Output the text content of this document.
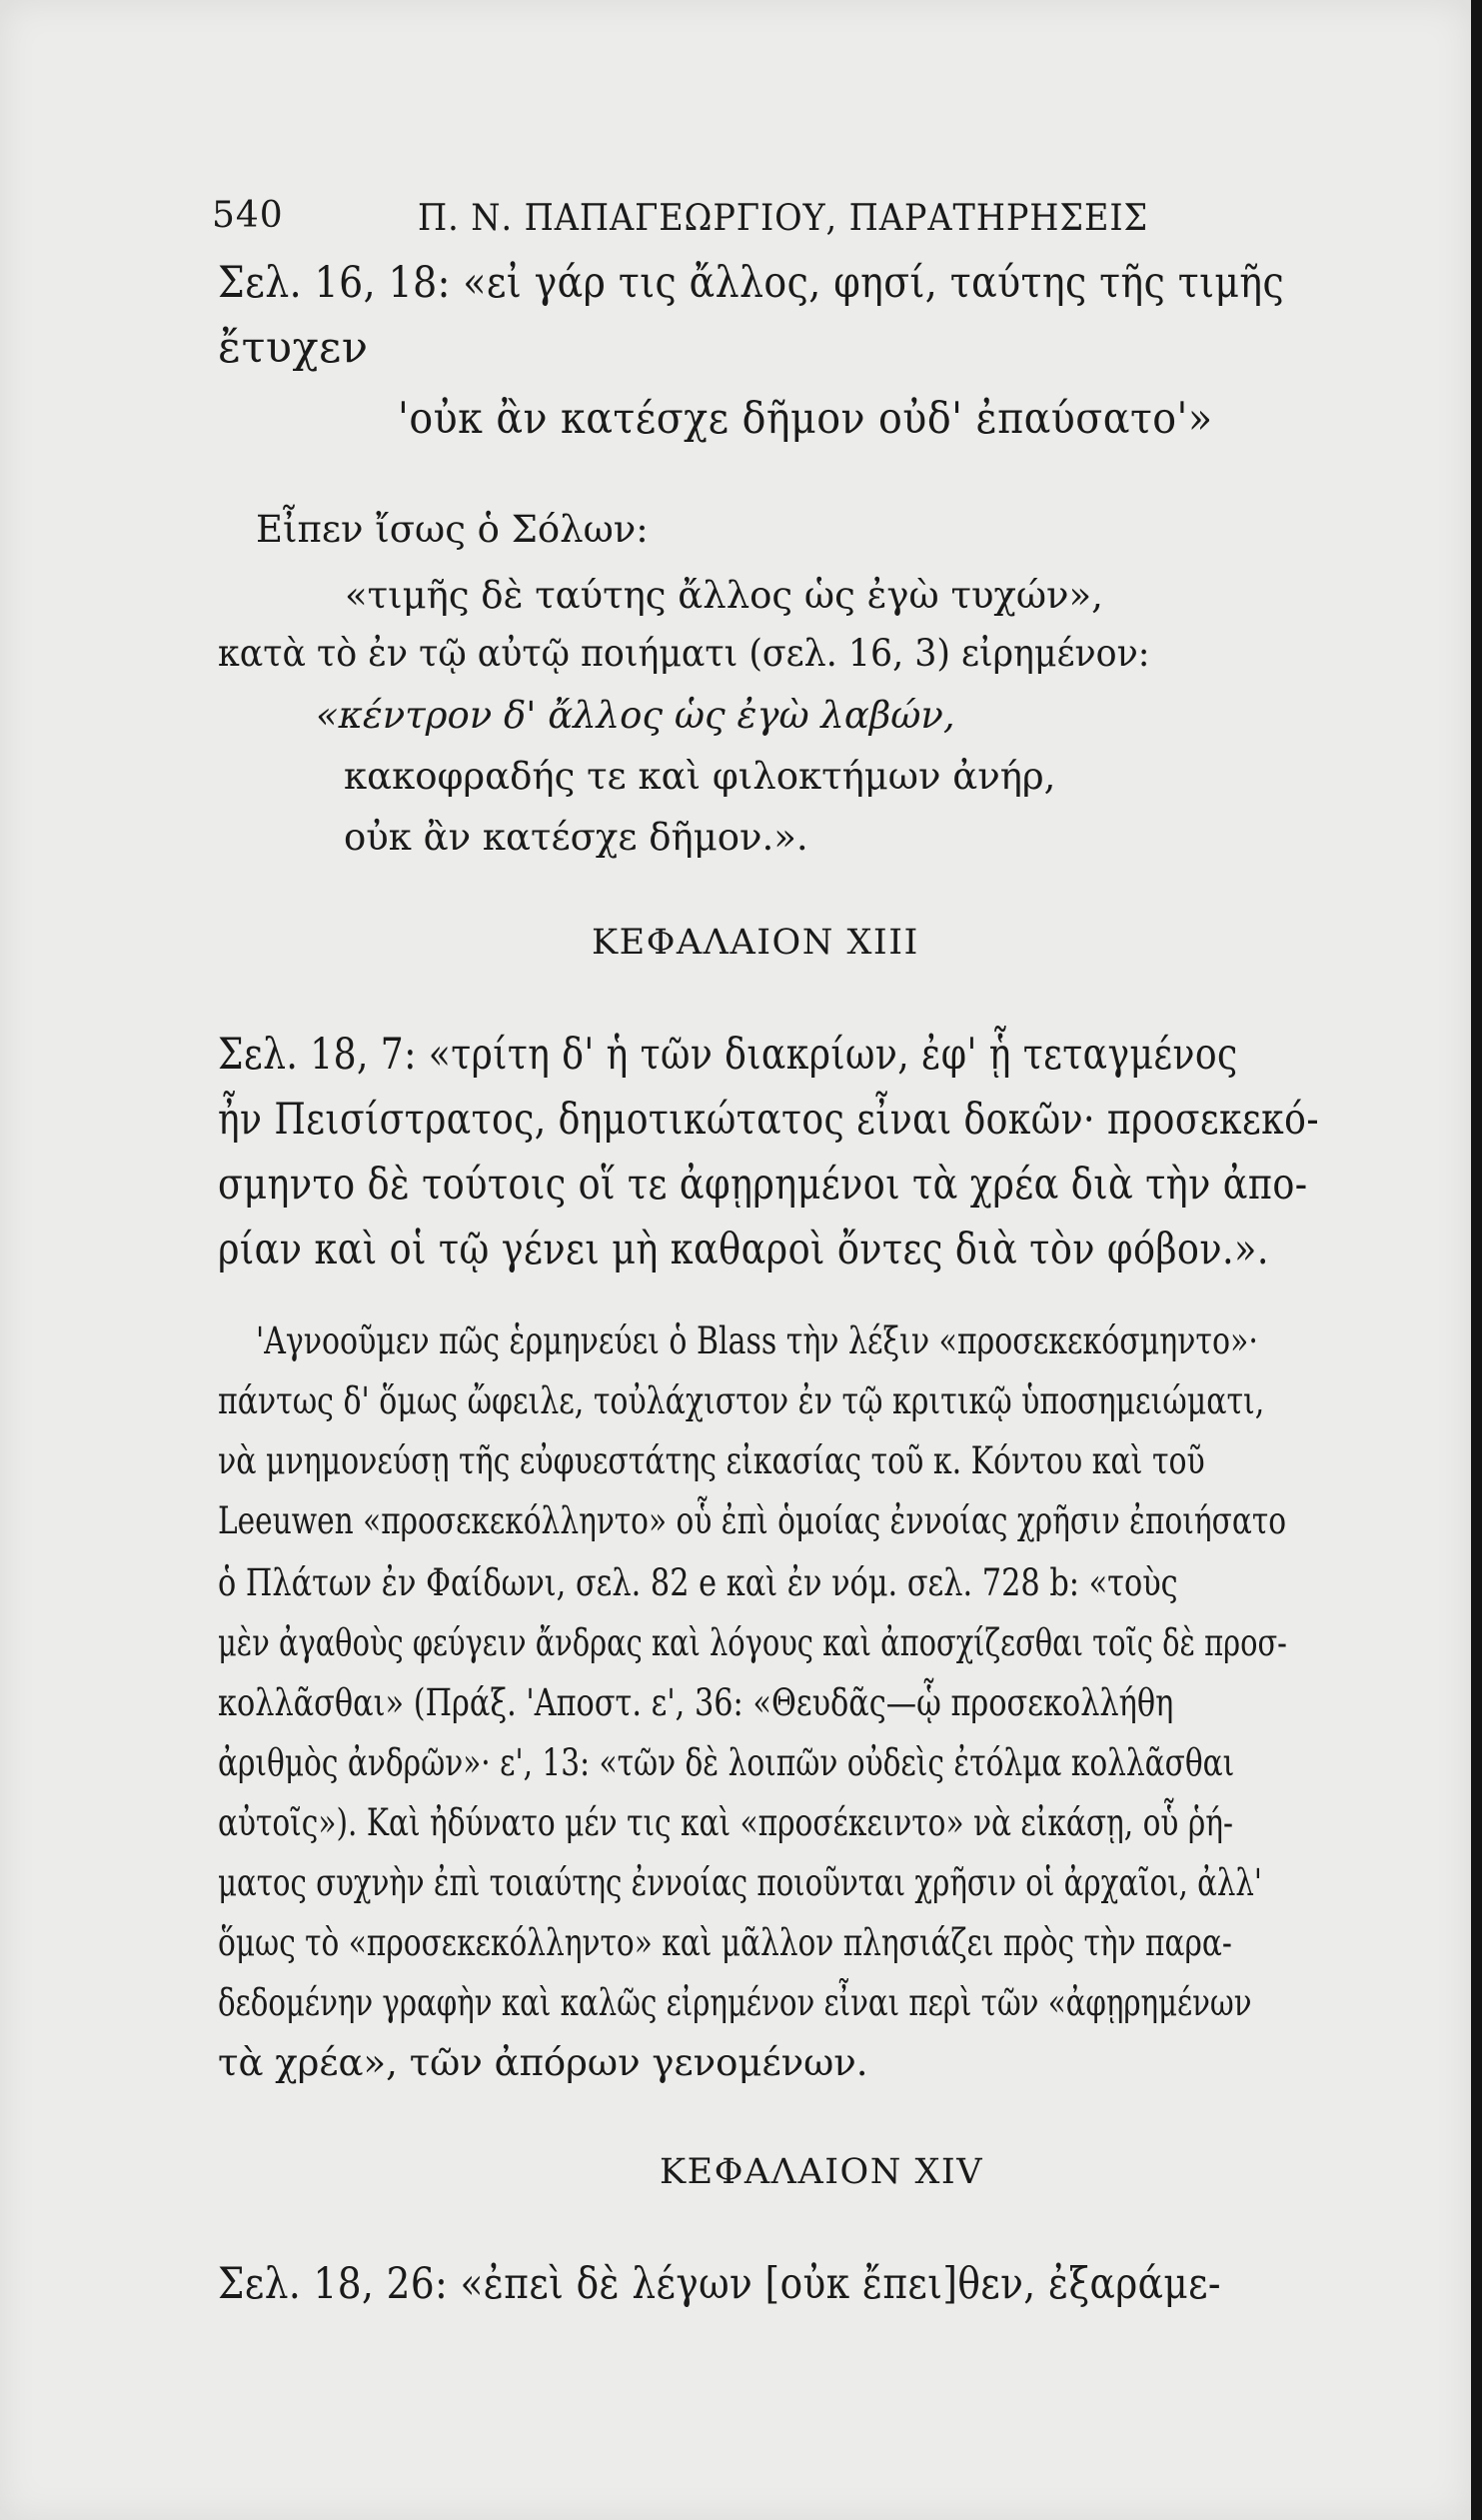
540	Π. Ν. ΠΑΠΑΓΕΩΡΓΙΟΥ, ΠΑΡΑΤΗΡΗΣΕΙΣ
Σελ. 16, 18: «εἰ γάρ τις ἄλλος, φησί, ταύτης τῆς τιμῆς
ἔτυχεν
'οὐκ ἂν κατέσχε δῆμον οὐδ' ἐπαύσατο'»
Εἶπεν ἴσως ὁ Σόλων:
«τιμῆς δὲ ταύτης ἄλλος ὡς ἐγὼ τυχών»,
κατὰ τὸ ἐν τῷ αὐτῷ ποιήματι (σελ. 16, 3) εἰρημένον:
«κέντρον δ' ἄλλος ὡς ἐγὼ λαβών,
κακοφραδής τε καὶ φιλοκτήμων ἀνήρ,
οὐκ ἂν κατέσχε δῆμον.».
ΚΕΦΑΛΑΙΟΝ XIII
Σελ. 18, 7: «τρίτη δ' ἡ τῶν διακρίων, ἐφ' ᾗ τεταγμένος
ἦν Πεισίστρατος, δημοτικώτατος εἶναι δοκῶν· προσεκεκό-
σμηντο δὲ τούτοις οἵ τε ἀφῃρημένοι τὰ χρέα διὰ τὴν ἀπο-
ρίαν καὶ οἱ τῷ γένει μὴ καθαροὶ ὄντες διὰ τὸν φόβον.».
'Αγνοοῦμεν πῶς ἑρμηνεύει ὁ Blass τὴν λέξιν «προσεκεκόσμηντο»·
πάντως δ' ὅμως ὤφειλε, τοὐλάχιστον ἐν τῷ κριτικῷ ὑποσημειώματι,
νὰ μνημονεύσῃ τῆς εὐφυεστάτης εἰκασίας τοῦ κ. Κόντου καὶ τοῦ
Leeuwen «προσεκεκόλληντο» οὗ ἐπὶ ὁμοίας ἐννοίας χρῆσιν ἐποιήσατο
ὁ Πλάτων ἐν Φαίδωνι, σελ. 82 e καὶ ἐν νόμ. σελ. 728 b: «τοὺς
μὲν ἀγαθοὺς φεύγειν ἄνδρας καὶ λόγους καὶ ἀποσχίζεσθαι τοῖς δὲ προσ-
κολλᾶσθαι» (Πράξ. 'Αποστ. ε', 36: «Θευδᾶς—ᾧ προσεκολλήθη
ἀριθμὸς ἀνδρῶν»· ε', 13: «τῶν δὲ λοιπῶν οὐδεὶς ἐτόλμα κολλᾶσθαι
αὐτοῖς»). Καὶ ἠδύνατο μέν τις καὶ «προσέκειντο» νὰ εἰκάσῃ, οὗ ῥή-
ματος συχνὴν ἐπὶ τοιαύτης ἐννοίας ποιοῦνται χρῆσιν οἱ ἀρχαῖοι, ἀλλ'
ὅμως τὸ «προσεκεκόλληντο» καὶ μᾶλλον πλησιάζει πρὸς τὴν παρα-
δεδομένην γραφὴν καὶ καλῶς εἰρημένον εἶναι περὶ τῶν «ἀφῃρημένων
τὰ χρέα», τῶν ἀπόρων γενομένων.
ΚΕΦΑΛΑΙΟΝ XIV
Σελ. 18, 26: «ἐπεὶ δὲ λέγων [οὐκ ἔπει]θεν, ἐξαράμε-
